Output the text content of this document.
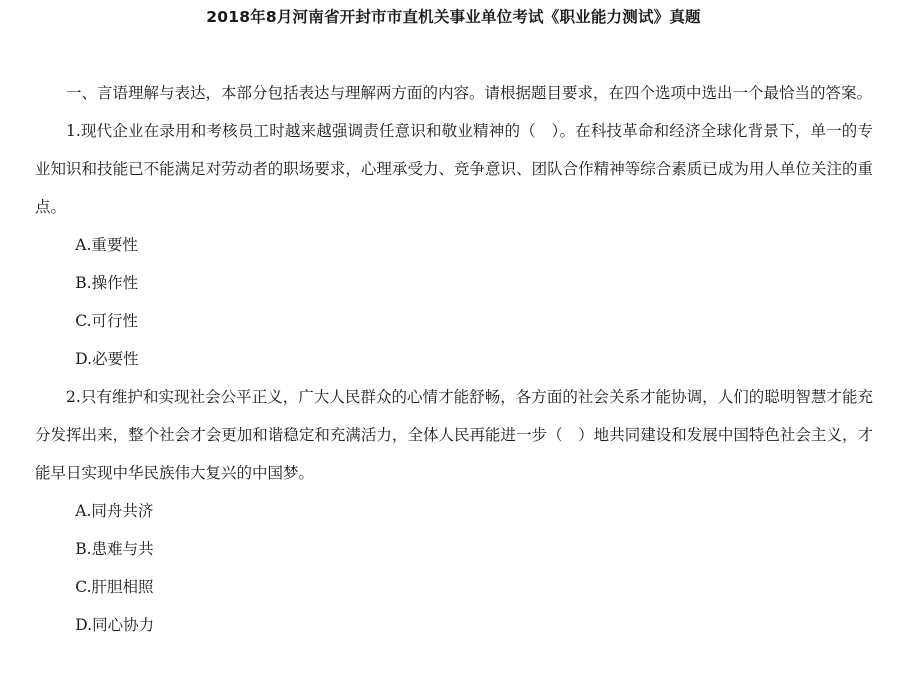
2018年8月河南省开封市市直机关事业单位考试《职业能力测试》真题

一、言语理解与表达，本部分包括表达与理解两方面的内容。请根据题目要求，在四个选项中选出一个最恰当的答案。

1.现代企业在录用和考核员工时越来越强调责任意识和敬业精神的（　）。在科技革命和经济全球化背景下，单一的专业知识和技能已不能满足对劳动者的职场要求，心理承受力、竞争意识、团队合作精神等综合素质已成为用人单位关注的重点。

A.重要性

B.操作性

C.可行性

D.必要性

2.只有维护和实现社会公平正义，广大人民群众的心情才能舒畅，各方面的社会关系才能协调，人们的聪明智慧才能充分发挥出来，整个社会才会更加和谐稳定和充满活力，全体人民再能进一步（　）地共同建设和发展中国特色社会主义，才能早日实现中华民族伟大复兴的中国梦。

A.同舟共济

B.患难与共

C.肝胆相照

D.同心协力
